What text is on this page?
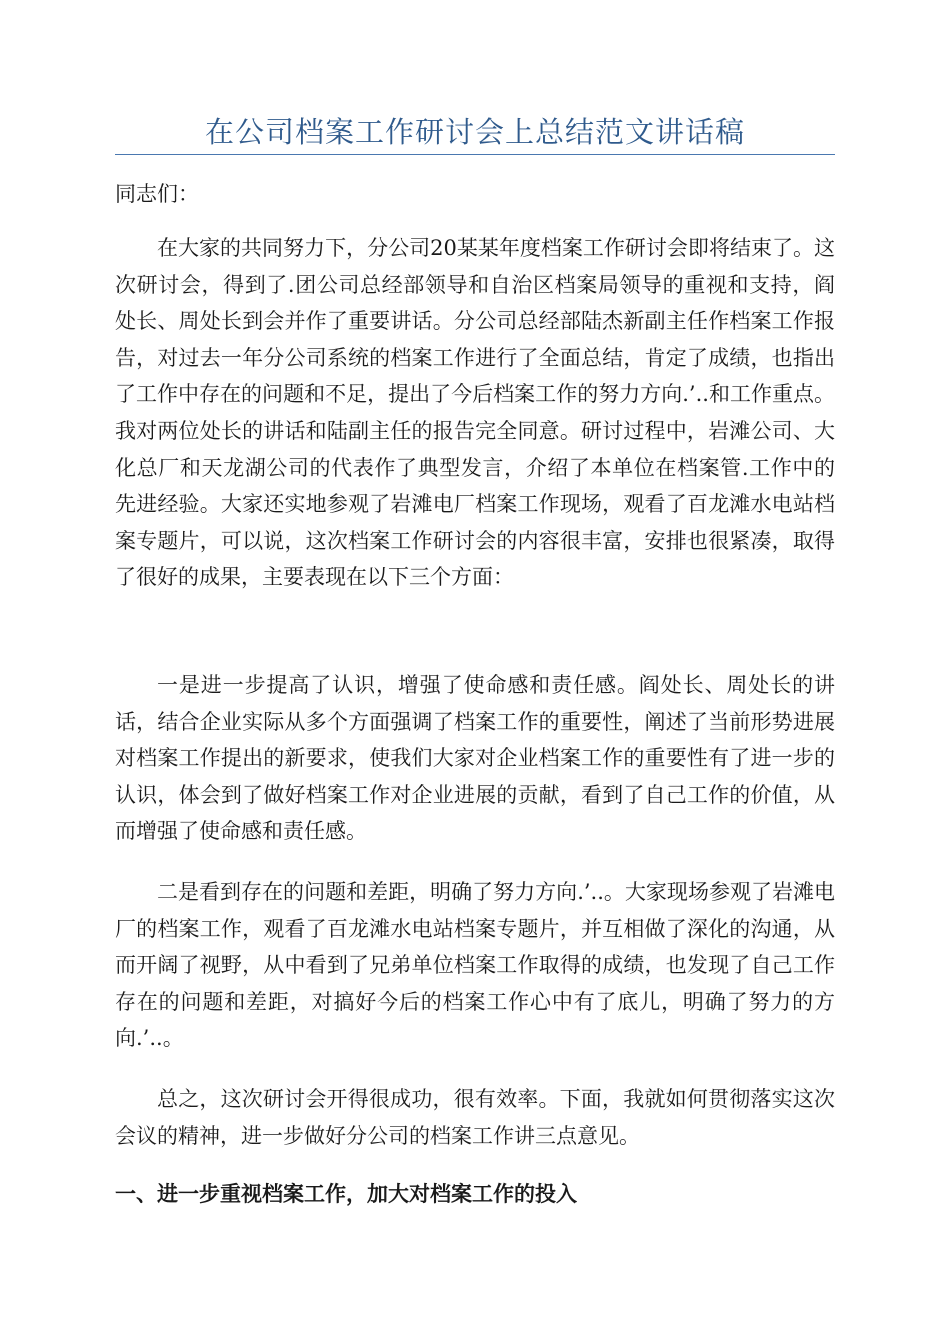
在公司档案工作研讨会上总结范文讲话稿
同志们：

在大家的共同努力下，分公司20某某年度档案工作研讨会即将结束了。这次研讨会，得到了.团公司总经部领导和自治区档案局领导的重视和支持，阎处长、周处长到会并作了重要讲话。分公司总经部陆杰新副主任作档案工作报告，对过去一年分公司系统的档案工作进行了全面总结，肯定了成绩，也指出了工作中存在的问题和不足，提出了今后档案工作的努力方向.’..和工作重点。我对两位处长的讲话和陆副主任的报告完全同意。研讨过程中，岩滩公司、大化总厂和天龙湖公司的代表作了典型发言，介绍了本单位在档案管.工作中的先进经验。大家还实地参观了岩滩电厂档案工作现场，观看了百龙滩水电站档案专题片，可以说，这次档案工作研讨会的内容很丰富，安排也很紧凑，取得了很好的成果，主要表现在以下三个方面：

一是进一步提高了认识，增强了使命感和责任感。阎处长、周处长的讲话，结合企业实际从多个方面强调了档案工作的重要性，阐述了当前形势进展对档案工作提出的新要求，使我们大家对企业档案工作的重要性有了进一步的认识，体会到了做好档案工作对企业进展的贡献，看到了自己工作的价值，从而增强了使命感和责任感。

二是看到存在的问题和差距，明确了努力方向.’..。大家现场参观了岩滩电厂的档案工作，观看了百龙滩水电站档案专题片，并互相做了深化的沟通，从而开阔了视野，从中看到了兄弟单位档案工作取得的成绩，也发现了自己工作存在的问题和差距，对搞好今后的档案工作心中有了底儿，明确了努力的方向.’..。

总之，这次研讨会开得很成功，很有效率。下面，我就如何贯彻落实这次会议的精神，进一步做好分公司的档案工作讲三点意见。

一、进一步重视档案工作，加大对档案工作的投入
